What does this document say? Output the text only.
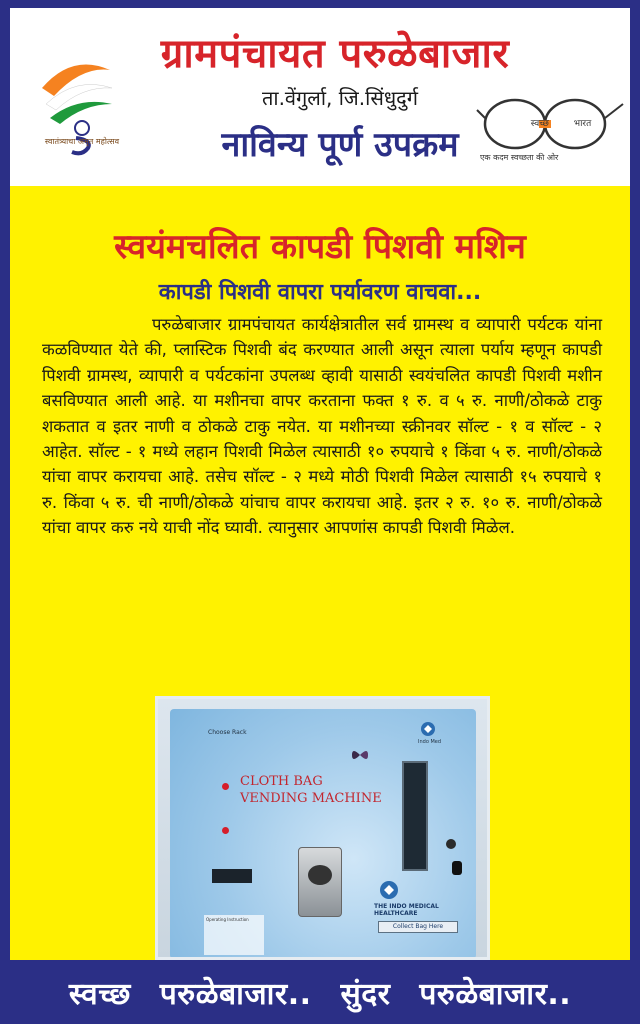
स्वातंत्र्याचा अमृत महोत्सव
ग्रामपंचायत परुळेबाजार
ता.वेंगुर्ला, जि.सिंधुदुर्ग
नाविन्य पूर्ण उपक्रम
स्वच्छ भारत
एक कदम स्वच्छता की ओर
स्वयंमचलित कापडी पिशवी मशिन
कापडी पिशवी वापरा पर्यावरण वाचवा...
परुळेबाजार ग्रामपंचायत कार्यक्षेत्रातील सर्व ग्रामस्थ व व्यापारी पर्यटक यांना कळविण्यात येते की, प्लास्टिक पिशवी बंद करण्यात आली असून त्याला पर्याय म्हणून कापडी पिशवी ग्रामस्थ, व्यापारी व पर्यटकांना उपलब्ध व्हावी यासाठी स्वयंचलित कापडी पिशवी मशीन बसविण्यात आली आहे. या मशीनचा वापर करताना फक्त १ रु. व ५ रु. नाणी/ठोकळे टाकु शकतात व इतर नाणी व ठोकळे टाकु नयेत. या मशीनच्या स्क्रीनवर सॉल्ट - १ व सॉल्ट - २ आहेत. सॉल्ट - १ मध्ये लहान पिशवी मिळेल त्यासाठी १० रुपयाचे १ किंवा ५ रु. नाणी/ठोकळे यांचा वापर करायचा आहे. तसेच सॉल्ट - २ मध्ये मोठी पिशवी मिळेल त्यासाठी १५ रुपयाचे १ रु. किंवा ५ रु. ची नाणी/ठोकळे यांचाच वापर करायचा आहे. इतर २ रु. १० रु. नाणी/ठोकळे यांचा वापर करु नये याची नोंद घ्यावी. त्यानुसार आपणांस कापडी पिशवी मिळेल.
Choose Rack
Indo Med
CLOTH BAG
VENDING MACHINE
THE INDO MEDICAL HEALTHCARE
Collect Bag Here
Operating Instruction
स्वच्छ परुळेबाजार.. सुंदर परुळेबाजार..
